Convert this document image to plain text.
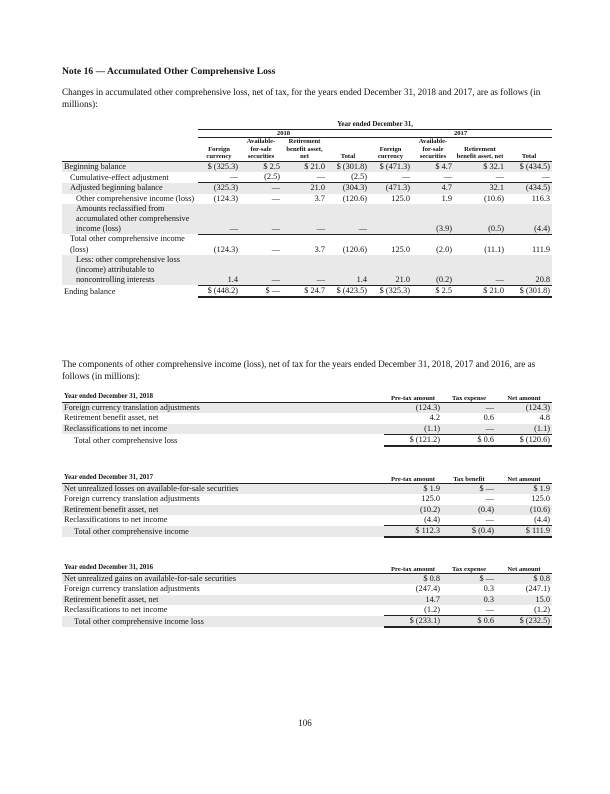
Note 16 — Accumulated Other Comprehensive Loss
Changes in accumulated other comprehensive loss, net of tax, for the years ended December 31, 2018 and 2017, are as follows (in millions):
	Year ended December 31,							
	2018				2017			
	Foreign currency	Available-for-sale securities	Retirement benefit asset, net	Total	Foreign currency	Available-for-sale securities	Retirement benefit asset, net	Total
Beginning balance	$ (325.3)	$ 2.5	$ 21.0	$ (301.8)	$ (471.3)	$ 4.7	$ 32.1	$ (434.5)
Cumulative-effect adjustment	—	(2.5)	—	(2.5)	—	—	—	—
Adjusted beginning balance	(325.3)	—	21.0	(304.3)	(471.3)	4.7	32.1	(434.5)
Other comprehensive income (loss)	(124.3)	—	3.7	(120.6)	125.0	1.9	(10.6)	116.3
Amounts reclassified from accumulated other comprehensive income (loss)	—	—	—	—		(3.9)	(0.5)	(4.4)
Total other comprehensive income (loss)	(124.3)	—	3.7	(120.6)	125.0	(2.0)	(11.1)	111.9
Less: other comprehensive loss (income) attributable to noncontrolling interests	1.4	—	—	1.4	21.0	(0.2)	—	20.8
Ending balance	$ (448.2)	$ —	$ 24.7	$ (423.5)	$ (325.3)	$ 2.5	$ 21.0	$ (301.8)
The components of other comprehensive income (loss), net of tax for the years ended December 31, 2018, 2017 and 2016, are as follows (in millions):
Year ended December 31, 2018	Pre-tax amount	Tax expense	Net amount
Foreign currency translation adjustments	(124.3)	—	(124.3)
Retirement benefit asset, net	4.2	0.6	4.8
Reclassifications to net income	(1.1)	—	(1.1)
Total other comprehensive loss	$ (121.2)	$ 0.6	$ (120.6)
Year ended December 31, 2017	Pre-tax amount	Tax benefit	Net amount
Net unrealized losses on available-for-sale securities	$ 1.9	$ —	$ 1.9
Foreign currency translation adjustments	125.0	—	125.0
Retirement benefit asset, net	(10.2)	(0.4)	(10.6)
Reclassifications to net income	(4.4)	—	(4.4)
Total other comprehensive income	$ 112.3	$ (0.4)	$ 111.9
Year ended December 31, 2016	Pre-tax amount	Tax expense	Net amount
Net unrealized gains on available-for-sale securities	$ 0.8	$ —	$ 0.8
Foreign currency translation adjustments	(247.4)	0.3	(247.1)
Retirement benefit asset, net	14.7	0.3	15.0
Reclassifications to net income	(1.2)	—	(1.2)
Total other comprehensive income loss	$ (233.1)	$ 0.6	$ (232.5)
106
